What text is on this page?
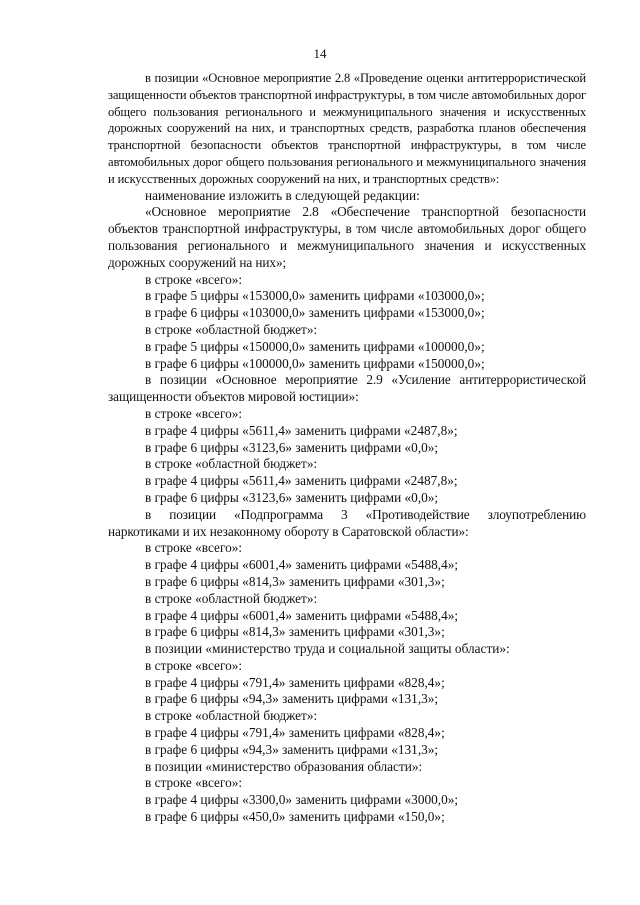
14

в позиции «Основное мероприятие 2.8 «Проведение оценки антитеррористической защищенности объектов транспортной инфраструктуры, в том числе автомобильных дорог общего пользования регионального и межмуниципального значения и искусственных дорожных сооружений на них, и транспортных средств, разработка планов обеспечения транспортной безопасности объектов транспортной инфраструктуры, в том числе автомобильных дорог общего пользования регионального и межмуниципального значения и искусственных дорожных сооружений на них, и транспортных средств»:

наименование изложить в следующей редакции:

«Основное мероприятие 2.8 «Обеспечение транспортной безопасности объектов транспортной инфраструктуры, в том числе автомобильных дорог общего пользования регионального и межмуниципального значения и искусственных дорожных сооружений на них»;

в строке «всего»:

в графе 5 цифры «153000,0» заменить цифрами «103000,0»;

в графе 6 цифры «103000,0» заменить цифрами «153000,0»;

в строке «областной бюджет»:

в графе 5 цифры «150000,0» заменить цифрами «100000,0»;

в графе 6 цифры «100000,0» заменить цифрами «150000,0»;

в позиции «Основное мероприятие 2.9 «Усиление антитеррористической защищенности объектов мировой юстиции»:

в строке «всего»:

в графе 4 цифры «5611,4» заменить цифрами «2487,8»;

в графе 6 цифры «3123,6» заменить цифрами «0,0»;

в строке «областной бюджет»:

в графе 4 цифры «5611,4» заменить цифрами «2487,8»;

в графе 6 цифры «3123,6» заменить цифрами «0,0»;

в позиции «Подпрограмма 3 «Противодействие злоупотреблению наркотиками и их незаконному обороту в Саратовской области»:

в строке «всего»:

в графе 4 цифры «6001,4» заменить цифрами «5488,4»;

в графе 6 цифры «814,3» заменить цифрами «301,3»;

в строке «областной бюджет»:

в графе 4 цифры «6001,4» заменить цифрами «5488,4»;

в графе 6 цифры «814,3» заменить цифрами «301,3»;

в позиции «министерство труда и социальной защиты области»:

в строке «всего»:

в графе 4 цифры «791,4» заменить цифрами «828,4»;

в графе 6 цифры «94,3» заменить цифрами «131,3»;

в строке «областной бюджет»:

в графе 4 цифры «791,4» заменить цифрами «828,4»;

в графе 6 цифры «94,3» заменить цифрами «131,3»;

в позиции «министерство образования области»:

в строке «всего»:

в графе 4 цифры «3300,0» заменить цифрами «3000,0»;

в графе 6 цифры «450,0» заменить цифрами «150,0»;
